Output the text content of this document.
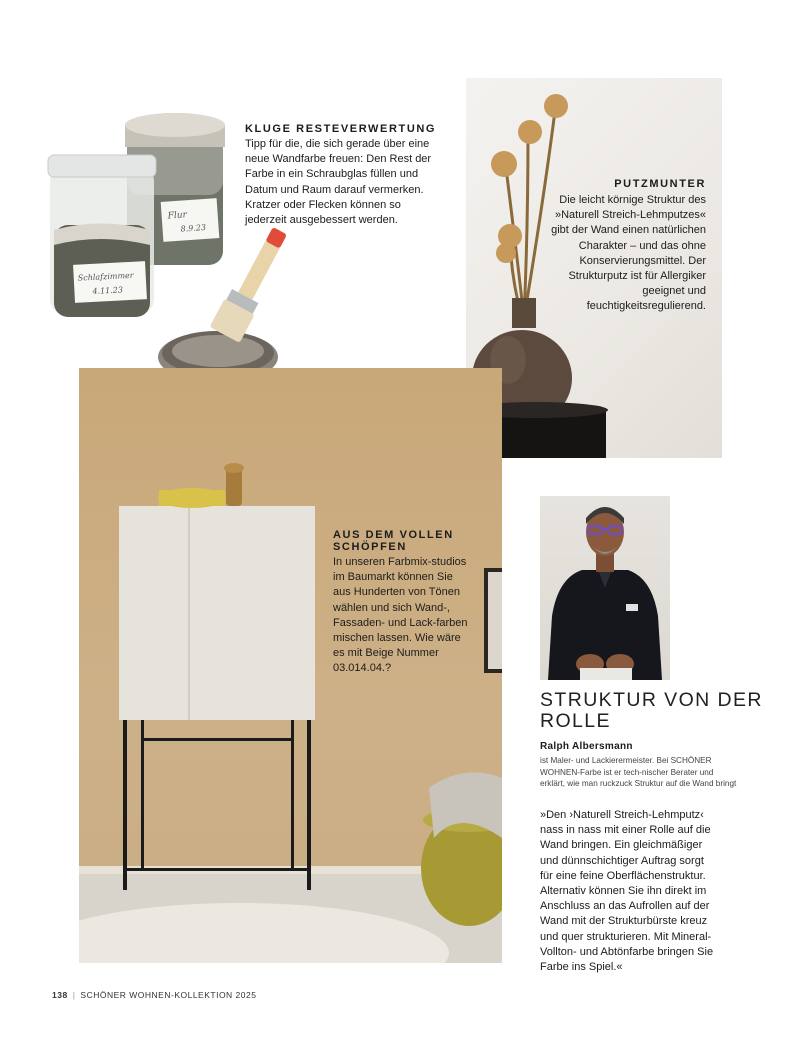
Flur
8.9.23
Schlafzimmer
4.11.23
KLUGE RESTEVERWERTUNG
Tipp für die, die sich gerade über eine neue Wandfarbe freuen: Den Rest der Farbe in ein Schraubglas füllen und Datum und Raum darauf vermerken. Kratzer oder Flecken können so jederzeit ausgebessert werden.
PUTZMUNTER
Die leicht körnige Struktur des »Naturell Streich-Lehmputzes« gibt der Wand einen natürlichen Charakter – und das ohne Konservierungsmittel. Der Strukturputz ist für Allergiker geeignet und feuchtigkeitsregulierend.
AUS DEM VOLLEN SCHÖPFEN
In unseren Farbmix-studios im Baumarkt können Sie aus Hunderten von Tönen wählen und sich Wand-, Fassaden- und Lack-farben mischen lassen. Wie wäre es mit Beige Nummer 03.014.04.?
STRUKTUR VON DER ROLLE
Ralph Albersmann
ist Maler- und Lackierermeister. Bei SCHÖNER WOHNEN-Farbe ist er tech-nischer Berater und erklärt, wie man ruckzuck Struktur auf die Wand bringt
»Den ›Naturell Streich-Lehmputz‹ nass in nass mit einer Rolle auf die Wand bringen. Ein gleichmäßiger und dünnschichtiger Auftrag sorgt für eine feine Oberflächenstruktur. Alternativ können Sie ihn direkt im Anschluss an das Aufrollen auf der Wand mit der Strukturbürste kreuz und quer strukturieren. Mit Mineral-Vollton- und Abtönfarbe bringen Sie Farbe ins Spiel.«
138 | SCHÖNER WOHNEN-KOLLEKTION 2025
